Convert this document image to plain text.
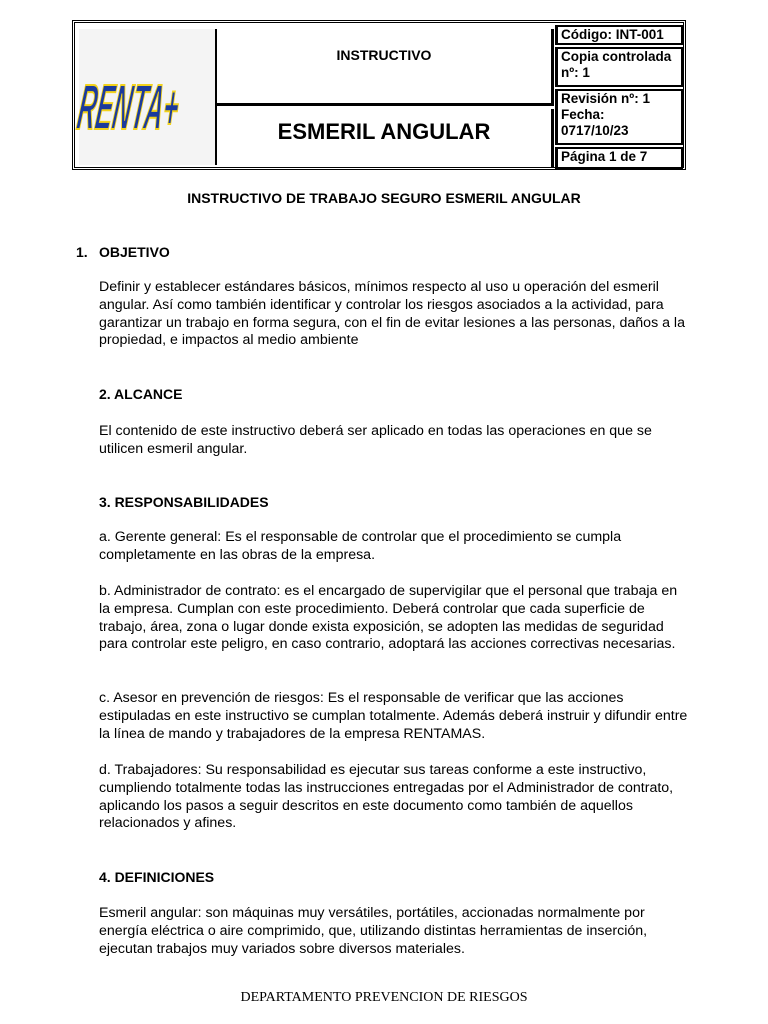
RENTA+
INSTRUCTIVO
ESMERIL ANGULAR
Código: INT-001
Copia controlada nº: 1
Revisión nº: 1
Fecha:
0717/10/23
Página 1 de 7
INSTRUCTIVO DE TRABAJO SEGURO ESMERIL ANGULAR
1. OBJETIVO
Definir y establecer estándares básicos, mínimos respecto al uso u operación del esmeril angular. Así como también identificar y controlar los riesgos asociados a la actividad, para garantizar un trabajo en forma segura, con el fin de evitar lesiones a las personas, daños a la propiedad, e impactos al medio ambiente
2. ALCANCE
El contenido de este instructivo deberá ser aplicado en todas las operaciones en que se utilicen esmeril angular.
3. RESPONSABILIDADES
a. Gerente general: Es el responsable de controlar que el procedimiento se cumpla completamente en las obras de la empresa.
b. Administrador de contrato: es el encargado de supervigilar que el personal que trabaja en la empresa. Cumplan con este procedimiento. Deberá controlar que cada superficie de trabajo, área, zona o lugar donde exista exposición, se adopten las medidas de seguridad para controlar este peligro, en caso contrario, adoptará las acciones correctivas necesarias.
c. Asesor en prevención de riesgos: Es el responsable de verificar que las acciones estipuladas en este instructivo se cumplan totalmente. Además deberá instruir y difundir entre la línea de mando y trabajadores de la empresa RENTAMAS.
d. Trabajadores: Su responsabilidad es ejecutar sus tareas conforme a este instructivo, cumpliendo totalmente todas las instrucciones entregadas por el Administrador de contrato, aplicando los pasos a seguir descritos en este documento como también de aquellos relacionados y afines.
4. DEFINICIONES
Esmeril angular: son máquinas muy versátiles, portátiles, accionadas normalmente por energía eléctrica o aire comprimido, que, utilizando distintas herramientas de inserción, ejecutan trabajos muy variados sobre diversos materiales.
DEPARTAMENTO PREVENCION DE RIESGOS
